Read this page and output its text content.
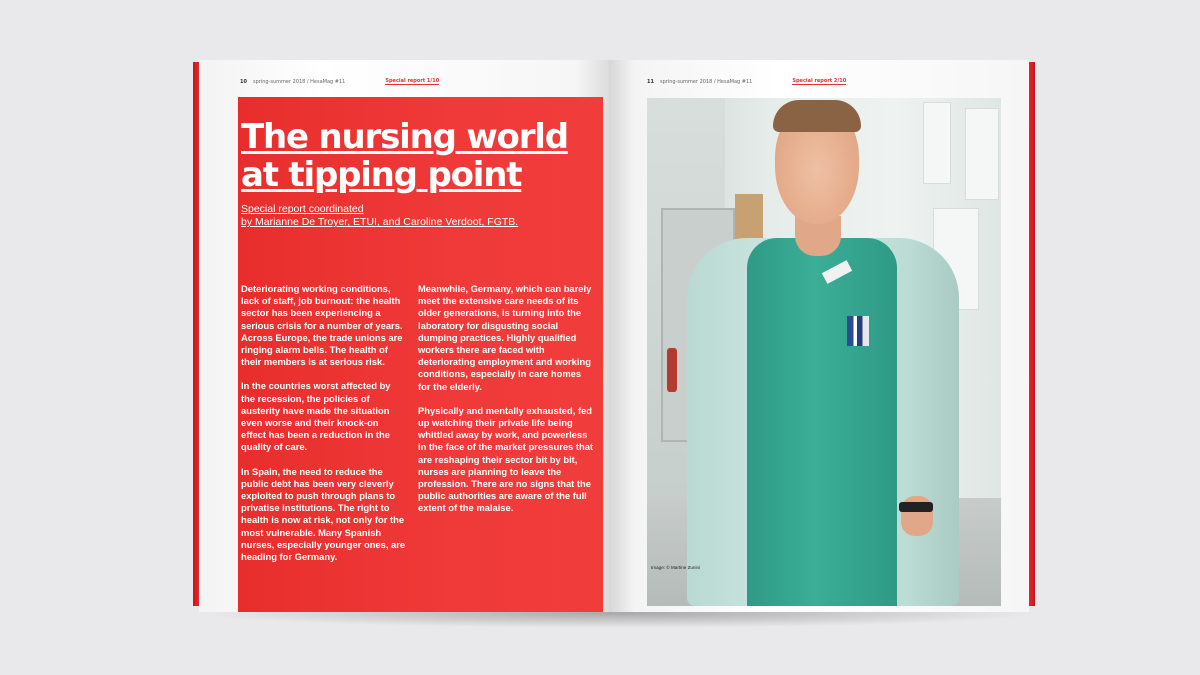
10 spring-summer 2018 / HesaMag #11	Special report 1/10
The nursing world
at tipping point
Special report coordinated
by Marianne De Troyer, ETUI, and Caroline Verdoot, FGTB.

Deteriorating working conditions, lack of staff, job burnout: the health sector has been experiencing a serious crisis for a number of years. Across Europe, the trade unions are ringing alarm bells. The health of their members is at serious risk.

In the countries worst affected by the recession, the policies of austerity have made the situation even worse and their knock-on effect has been a reduction in the quality of care.

In Spain, the need to reduce the public debt has been very cleverly exploited to push through plans to privatise institutions. The right to health is now at risk, not only for the most vulnerable. Many Spanish nurses, especially younger ones, are heading for Germany.

Meanwhile, Germany, which can barely meet the extensive care needs of its older generations, is turning into the laboratory for disgusting social dumping practices. Highly qualified workers there are faced with deteriorating employment and working conditions, especially in care homes for the elderly.

Physically and mentally exhausted, fed up watching their private life being whittled away by work, and powerless in the face of the market pressures that are reshaping their sector bit by bit, nurses are planning to leave the profession. There are no signs that the public authorities are aware of the full extent of the malaise.

11 spring-summer 2018 / HesaMag #11	Special report 2/10
Image: © Martine Zunini
